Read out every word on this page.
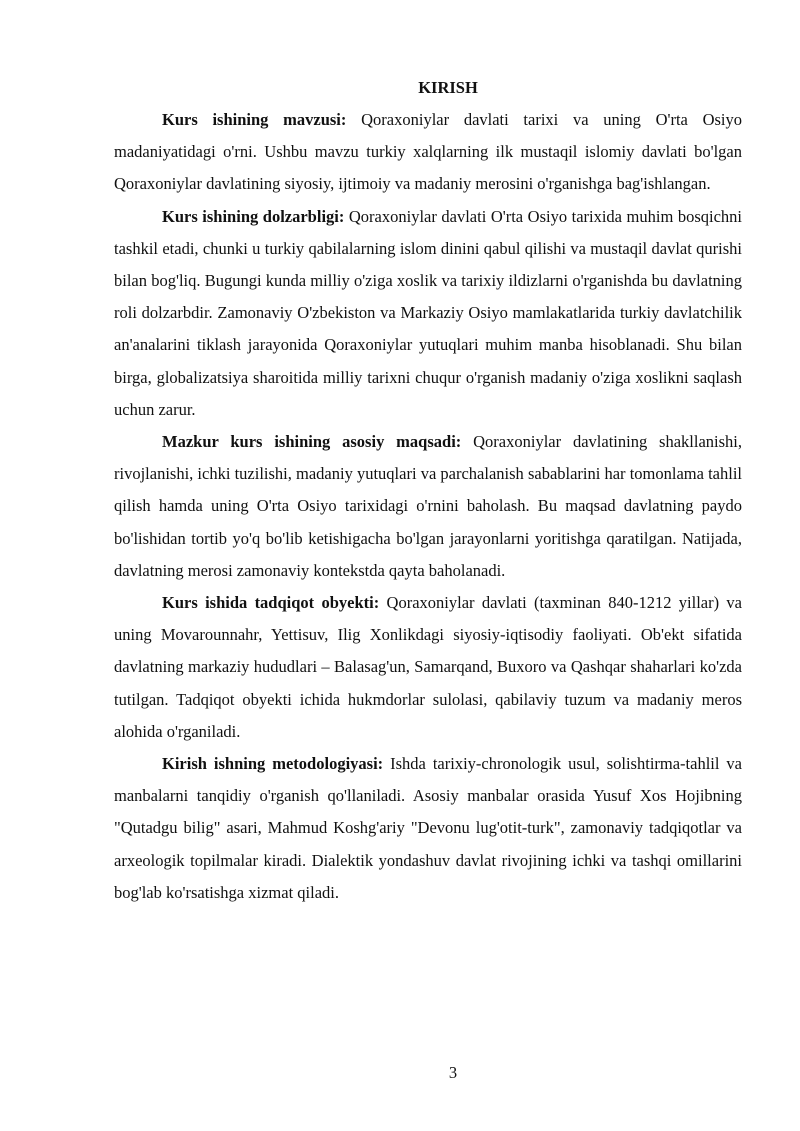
KIRISH

Kurs ishining mavzusi: Qoraxoniylar davlati tarixi va uning O'rta Osiyo madaniyatidagi o'rni. Ushbu mavzu turkiy xalqlarning ilk mustaqil islomiy davlati bo'lgan Qoraxoniylar davlatining siyosiy, ijtimoiy va madaniy merosini o'rganishga bag'ishlangan.

Kurs ishining dolzarbligi: Qoraxoniylar davlati O'rta Osiyo tarixida muhim bosqichni tashkil etadi, chunki u turkiy qabilalarning islom dinini qabul qilishi va mustaqil davlat qurishi bilan bog'liq. Bugungi kunda milliy o'ziga xoslik va tarixiy ildizlarni o'rganishda bu davlatning roli dolzarbdir. Zamonaviy O'zbekiston va Markaziy Osiyo mamlakatlarida turkiy davlatchilik an'analarini tiklash jarayonida Qoraxoniylar yutuqlari muhim manba hisoblanadi. Shu bilan birga, globalizatsiya sharoitida milliy tarixni chuqur o'rganish madaniy o'ziga xoslikni saqlash uchun zarur.

Mazkur kurs ishining asosiy maqsadi: Qoraxoniylar davlatining shakllanishi, rivojlanishi, ichki tuzilishi, madaniy yutuqlari va parchalanish sabablarini har tomonlama tahlil qilish hamda uning O'rta Osiyo tarixidagi o'rnini baholash. Bu maqsad davlatning paydo bo'lishidan tortib yo'q bo'lib ketishigacha bo'lgan jarayonlarni yoritishga qaratilgan. Natijada, davlatning merosi zamonaviy kontekstda qayta baholanadi.

Kurs ishida tadqiqot obyekti: Qoraxoniylar davlati (taxminan 840-1212 yillar) va uning Movarounnahr, Yettisuv, Ilig Xonlikdagi siyosiy-iqtisodiy faoliyati. Ob'ekt sifatida davlatning markaziy hududlari – Balasag'un, Samarqand, Buxoro va Qashqar shaharlari ko'zda tutilgan. Tadqiqot obyekti ichida hukmdorlar sulolasi, qabilaviy tuzum va madaniy meros alohida o'rganiladi.

Kirish ishning metodologiyasi: Ishda tarixiy-chronologik usul, solishtirma-tahlil va manbalarni tanqidiy o'rganish qo'llaniladi. Asosiy manbalar orasida Yusuf Xos Hojibning "Qutadgu bilig" asari, Mahmud Koshg'ariy "Devonu lug'otit-turk", zamonaviy tadqiqotlar va arxeologik topilmalar kiradi. Dialektik yondashuv davlat rivojining ichki va tashqi omillarini bog'lab ko'rsatishga xizmat qiladi.

3
